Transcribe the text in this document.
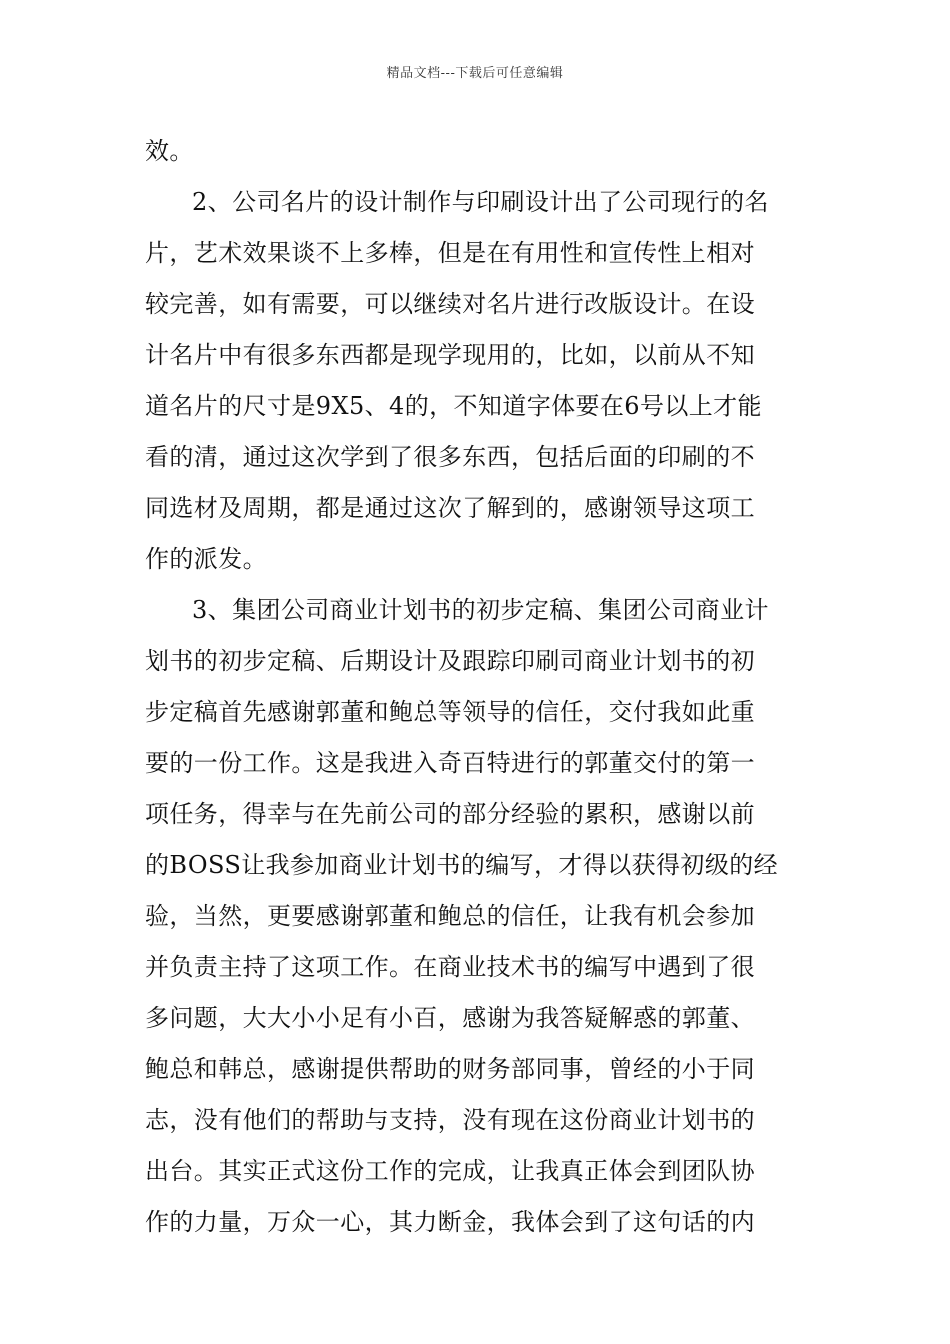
精品文档---下载后可任意编辑
效。
2、公司名片的设计制作与印刷设计出了公司现行的名
片，艺术效果谈不上多棒，但是在有用性和宣传性上相对
较完善，如有需要，可以继续对名片进行改版设计。在设
计名片中有很多东西都是现学现用的，比如，以前从不知
道名片的尺寸是9X5、4的，不知道字体要在6号以上才能
看的清，通过这次学到了很多东西，包括后面的印刷的不
同选材及周期，都是通过这次了解到的，感谢领导这项工
作的派发。
3、集团公司商业计划书的初步定稿、集团公司商业计
划书的初步定稿、后期设计及跟踪印刷司商业计划书的初
步定稿首先感谢郭董和鲍总等领导的信任，交付我如此重
要的一份工作。这是我进入奇百特进行的郭董交付的第一
项任务，得幸与在先前公司的部分经验的累积，感谢以前
的BOSS让我参加商业计划书的编写，才得以获得初级的经
验，当然，更要感谢郭董和鲍总的信任，让我有机会参加
并负责主持了这项工作。在商业技术书的编写中遇到了很
多问题，大大小小足有小百，感谢为我答疑解惑的郭董、
鲍总和韩总，感谢提供帮助的财务部同事，曾经的小于同
志，没有他们的帮助与支持，没有现在这份商业计划书的
出台。其实正式这份工作的完成，让我真正体会到团队协
作的力量，万众一心，其力断金，我体会到了这句话的内
